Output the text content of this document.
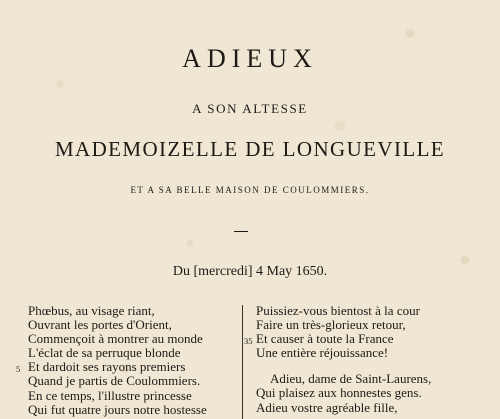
ADIEUX
A SON ALTESSE
MADEMOIZELLE DE LONGUEVILLE
ET A SA BELLE MAISON DE COULOMMIERS.
Du [mercredi] 4 May 1650.
Phœbus, au visage riant,
Ouvrant les portes d'Orient,
Commençoit à montrer au monde
L'éclat de sa perruque blonde
5 Et dardoit ses rayons premiers
Quand je partis de Coulommiers.
En ce temps, l'illustre princesse
Qui fut quatre jours notre hostesse
Puissiez-vous bientost à la cour
Faire un très-glorieux retour,
35 Et causer à toute la France
Une entière réjouissance!
Adieu, dame de Saint-Laurens,
Qui plaisez aux honnestes gens.
Adieu vostre agréable fille,
